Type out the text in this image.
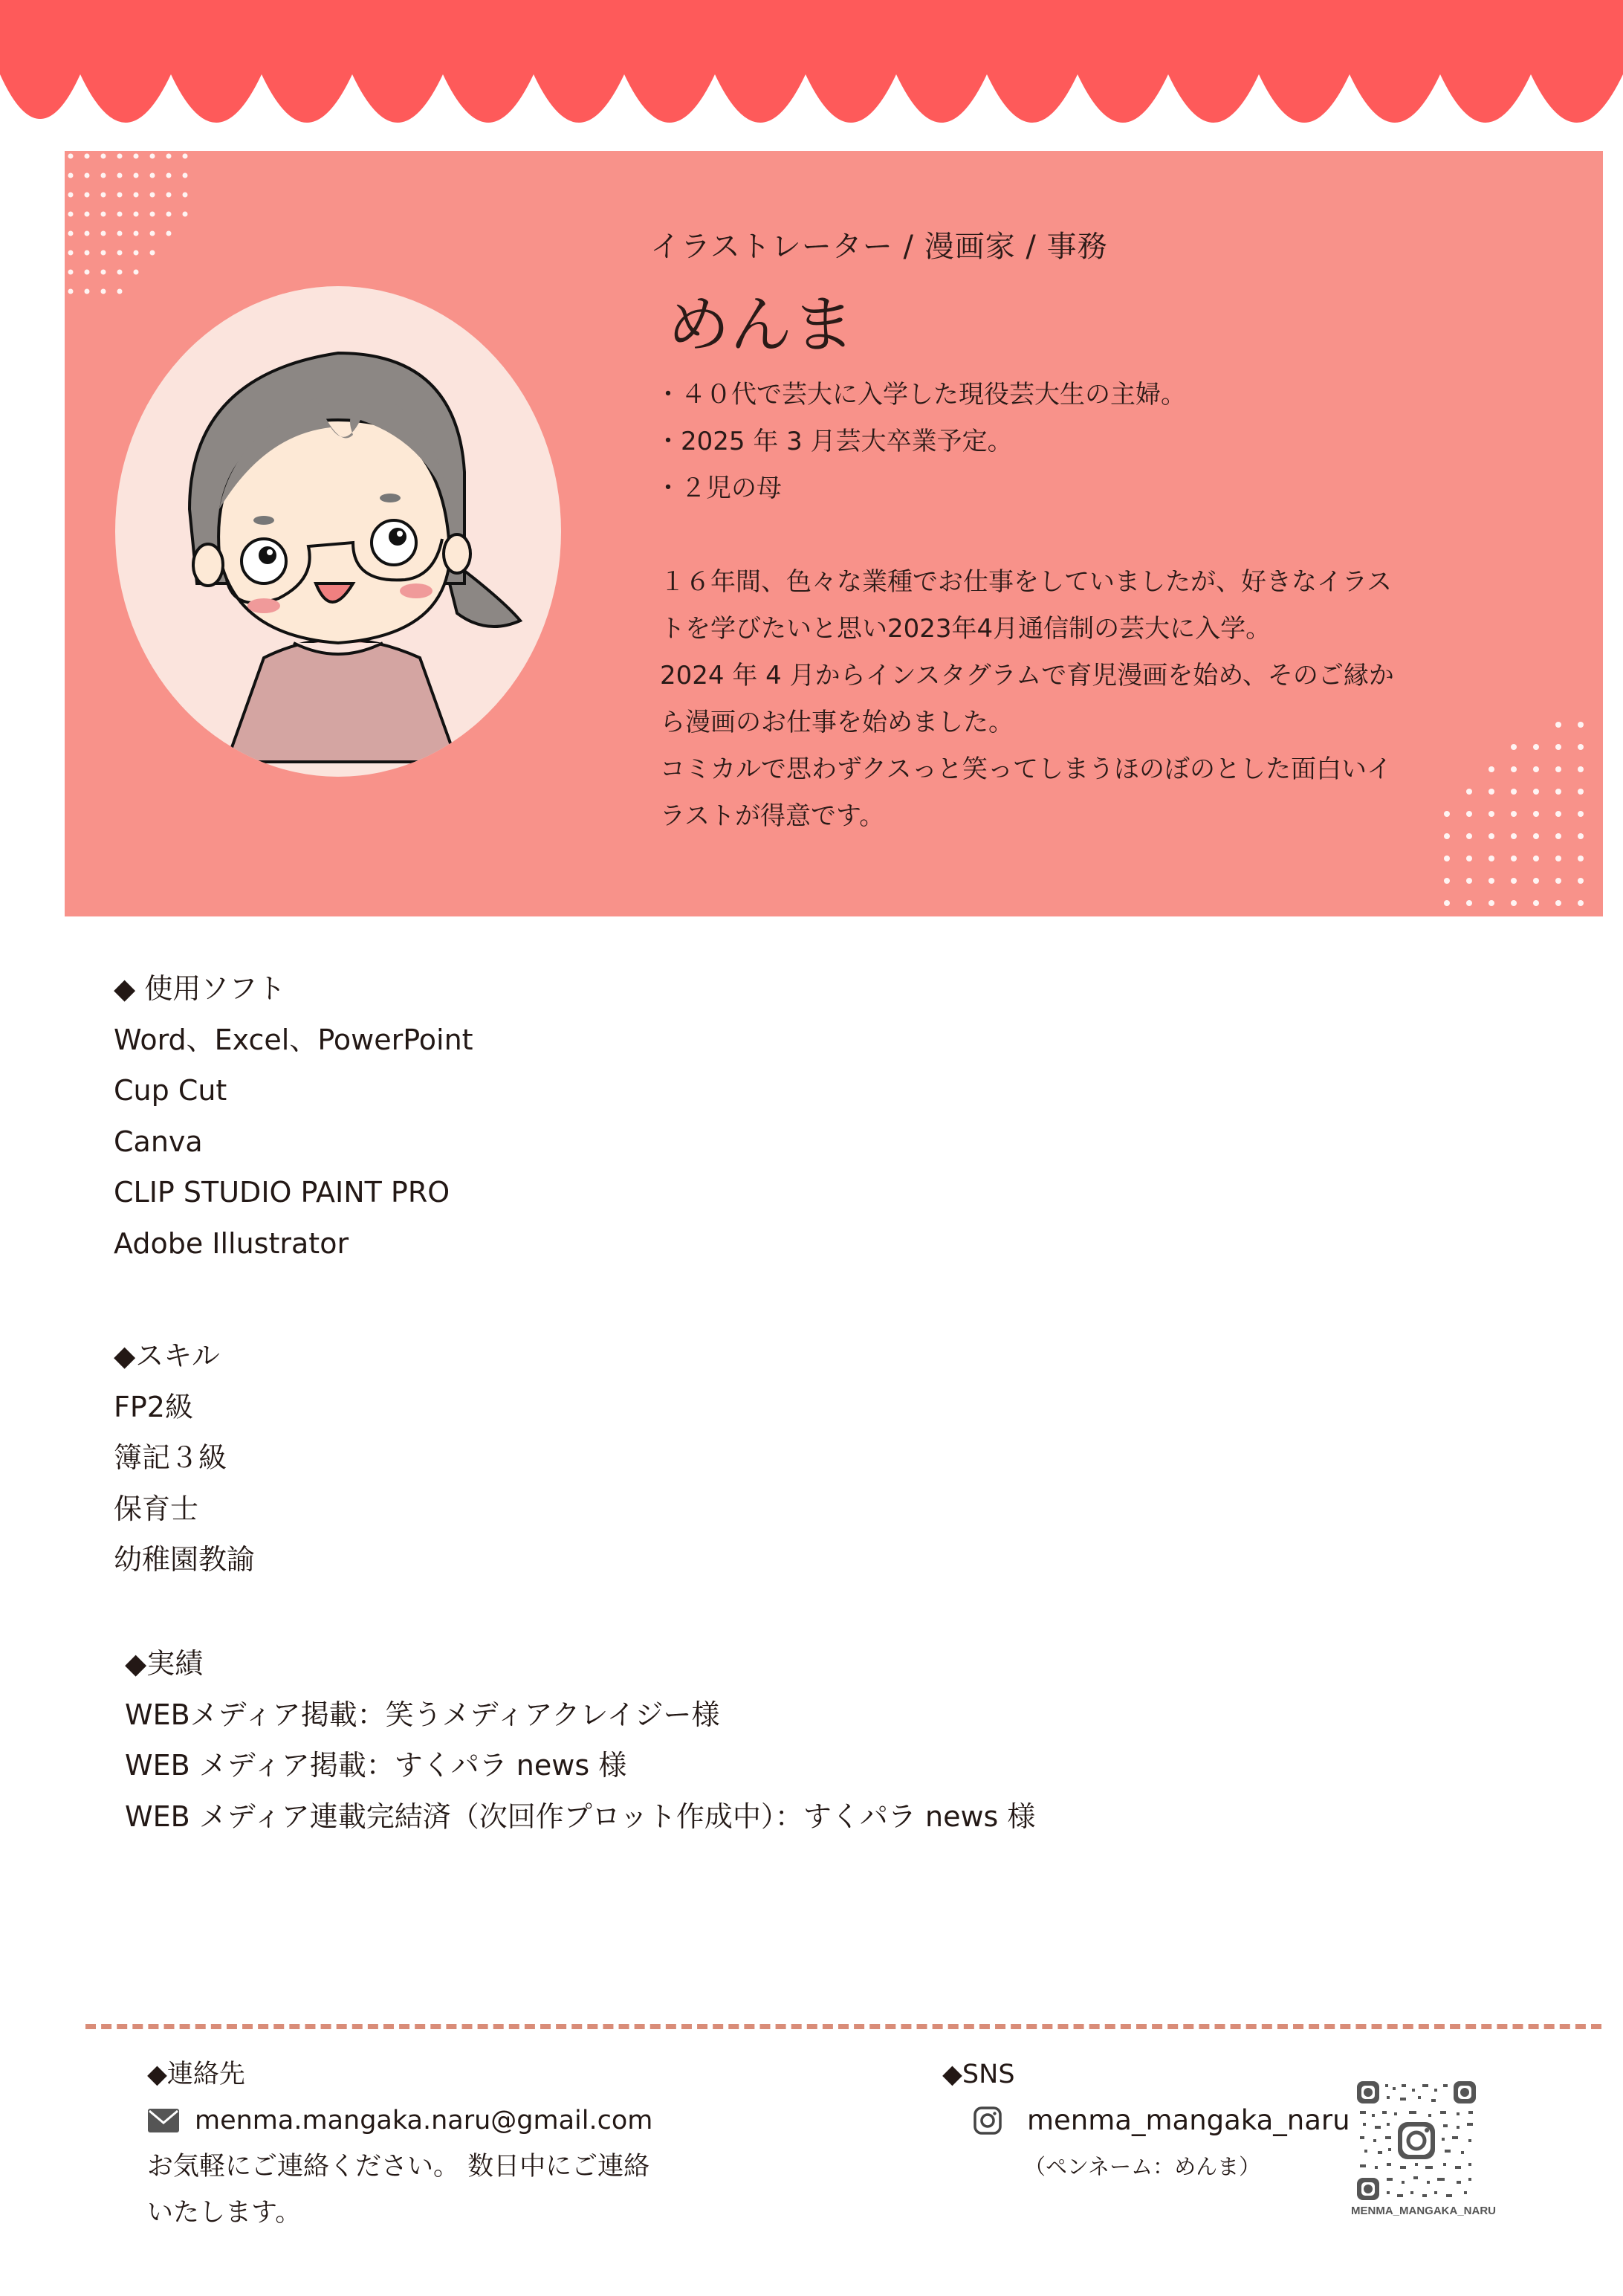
イラストレーター / 漫画家 / 事務
めんま
・４０代で芸大に入学した現役芸大生の主婦。
・2025 年 3 月芸大卒業予定。
・２児の母
１６年間、色々な業種でお仕事をしていましたが、好きなイラス
トを学びたいと思い2023年4月通信制の芸大に入学。
2024 年 4 月からインスタグラムで育児漫画を始め、そのご縁か
ら漫画のお仕事を始めました。
コミカルで思わずクスっと笑ってしまうほのぼのとした面白いイ
ラストが得意です。
◆ 使用ソフト
Word、Excel、PowerPoint
Cup Cut
Canva
CLIP STUDIO PAINT PRO
Adobe Illustrator
◆スキル
FP2級
簿記３級
保育士
幼稚園教諭
◆実績
WEBメディア掲載：笑うメディアクレイジー様
WEB メディア掲載：すくパラ news 様
WEB メディア連載完結済（次回作プロット作成中）：すくパラ news 様
◆連絡先
menma.mangaka.naru@gmail.com
お気軽にご連絡ください。 数日中にご連絡
いたします。
◆SNS
menma_mangaka_naru
（ペンネーム：めんま）
MENMA_MANGAKA_NARU
